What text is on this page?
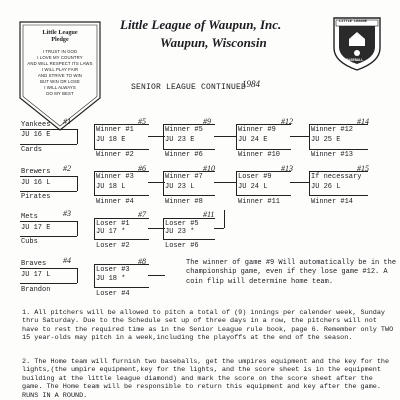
Little League
Pledge
I TRUST IN GOD
I LOVE MY COUNTRY
AND WILL RESPECT ITS LAWS
I WILL PLAY FAIR
AND STRIVE TO WIN
BUT WIN OR LOSE
I WILL ALWAYS
DO MY BEST
Little League of Waupun, Inc.
Waupun, Wisconsin
LITTLE LEAGUE
BASEBALL
SENIOR LEAGUE CONTINUED
1984
Yankees #1
JU 16 E
Cards
Brewers #2
JU 16 L
Pirates
Mets	#3
JU 17 E
Cubs
Braves #4
JU 17 L
Brandon
#5
Winner #1
JU 18 E
Winner #2
#6
Winner #3
JU 18 L
Winner #4
#7
Loser #1
JU 17 *
Loser #2
#8
Loser #3
JU 18 *
Loser #4
#9
Winner #5
JU 23 E
Winner #6
#10
Winner #7
JU 23 L
Winner #8
#11
Loser #5
JU 23 *
Loser #6
#12
Winner #9
JU 24 E
Winner #10
#13
Loser #9
JU 24 L
Winner #11
#14
Winner #12
JU 25 E
Winner #13
#15
If necessary
JU 26 L
Winner #14
The winner of game #9 Will automatically be in the championship game, even if they lose game #12. A coin flip will determine home team.
1. All pitchers will be allowed to pitch a total of (9) innings per calender week, Sunday thru Saturday. Due to the Schedule set up of three days in a row, the pitchers will not have to rest the required time as in the Senior League rule book, page 6. Remember only TWO 15 year-olds may pitch in a week,including the playoffs at the end of the season.
2. The Home team will furnish two baseballs, get the umpires equipment and the key for the lights,(the umpire equipment,key for the lights, and the score sheet is in the equipment building at the little league diamond) and mark the score on the score sheet after the game. The Home team will be responsible to return this equipment and key after the game. RUNS IN A ROUND.
